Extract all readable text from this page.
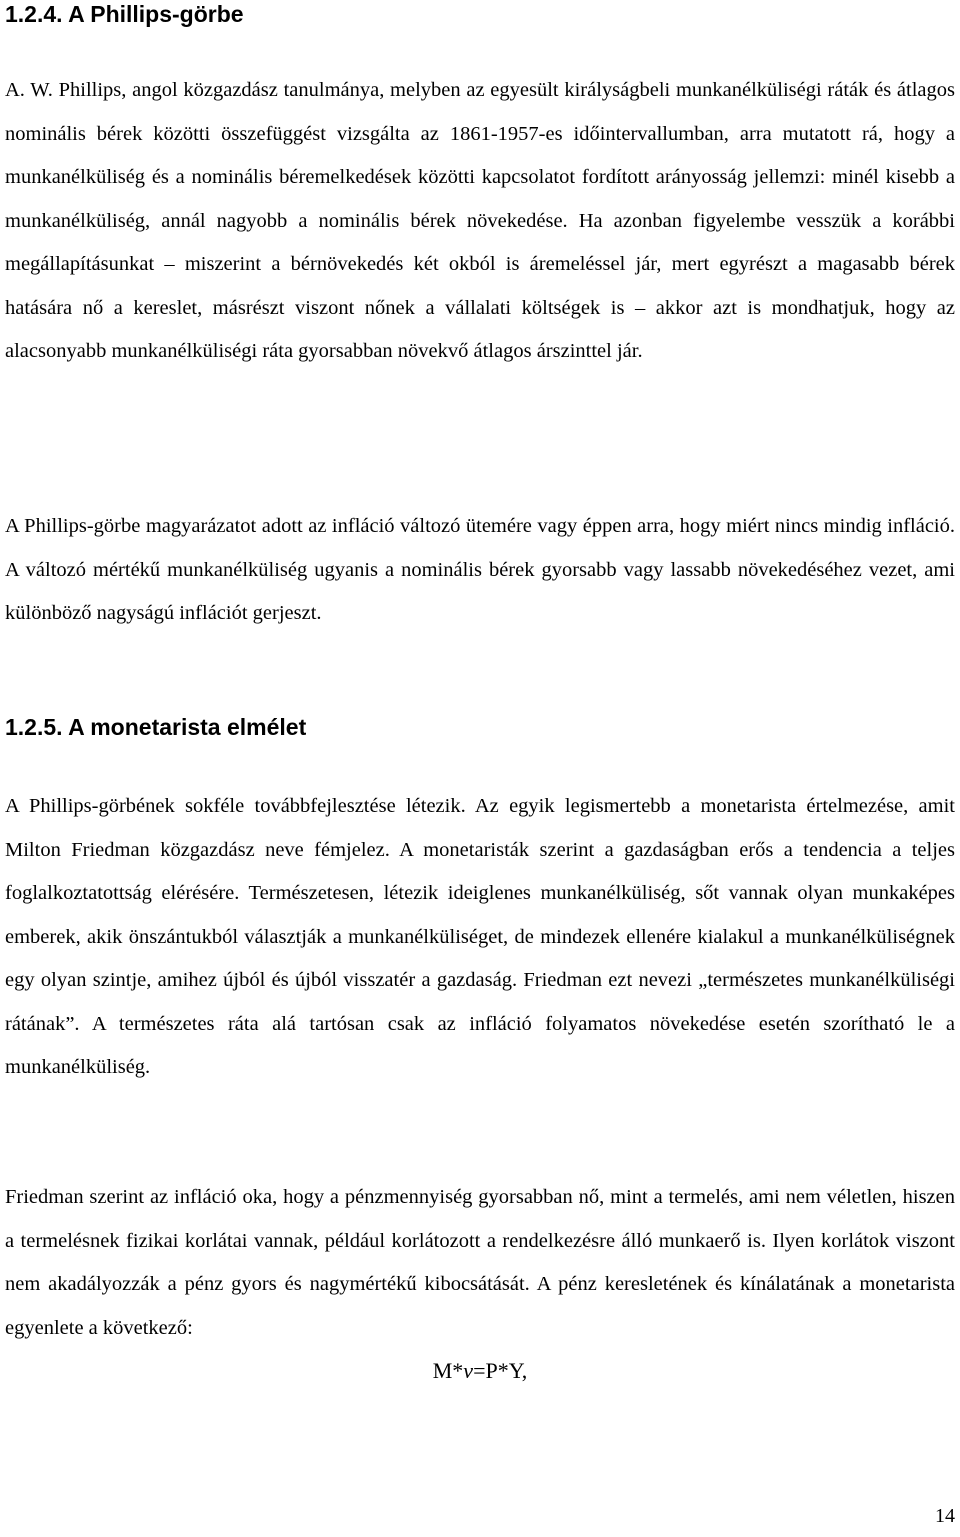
1.2.4. A Phillips-görbe

A. W. Phillips, angol közgazdász tanulmánya, melyben az egyesült királyságbeli munkanélküliségi ráták és átlagos nominális bérek közötti összefüggést vizsgálta az 1861-1957-es időintervallumban, arra mutatott rá, hogy a munkanélküliség és a nominális béremelkedések közötti kapcsolatot fordított arányosság jellemzi: minél kisebb a munkanélküliség, annál nagyobb a nominális bérek növekedése. Ha azonban figyelembe vesszük a korábbi megállapításunkat – miszerint a bérnövekedés két okból is áremeléssel jár, mert egyrészt a magasabb bérek hatására nő a kereslet, másrészt viszont nőnek a vállalati költségek is – akkor azt is mondhatjuk, hogy az alacsonyabb munkanélküliségi ráta gyorsabban növekvő átlagos árszinttel jár.

A Phillips-görbe magyarázatot adott az infláció változó ütemére vagy éppen arra, hogy miért nincs mindig infláció. A változó mértékű munkanélküliség ugyanis a nominális bérek gyorsabb vagy lassabb növekedéséhez vezet, ami különböző nagyságú inflációt gerjeszt.

1.2.5. A monetarista elmélet

A Phillips-görbének sokféle továbbfejlesztése létezik. Az egyik legismertebb a monetarista értelmezése, amit Milton Friedman közgazdász neve fémjelez. A monetaristák szerint a gazdaságban erős a tendencia a teljes foglalkoztatottság elérésére. Természetesen, létezik ideiglenes munkanélküliség, sőt vannak olyan munkaképes emberek, akik önszántukból választják a munkanélküliséget, de mindezek ellenére kialakul a munkanélküliségnek egy olyan szintje, amihez újból és újból visszatér a gazdaság. Friedman ezt nevezi „természetes munkanélküliségi rátának”. A természetes ráta alá tartósan csak az infláció folyamatos növekedése esetén szorítható le a munkanélküliség.

Friedman szerint az infláció oka, hogy a pénzmennyiség gyorsabban nő, mint a termelés, ami nem véletlen, hiszen a termelésnek fizikai korlátai vannak, például korlátozott a rendelkezésre álló munkaerő is. Ilyen korlátok viszont nem akadályozzák a pénz gyors és nagymértékű kibocsátását. A pénz keresletének és kínálatának a monetarista egyenlete a következő:

M*v=P*Y,

14
